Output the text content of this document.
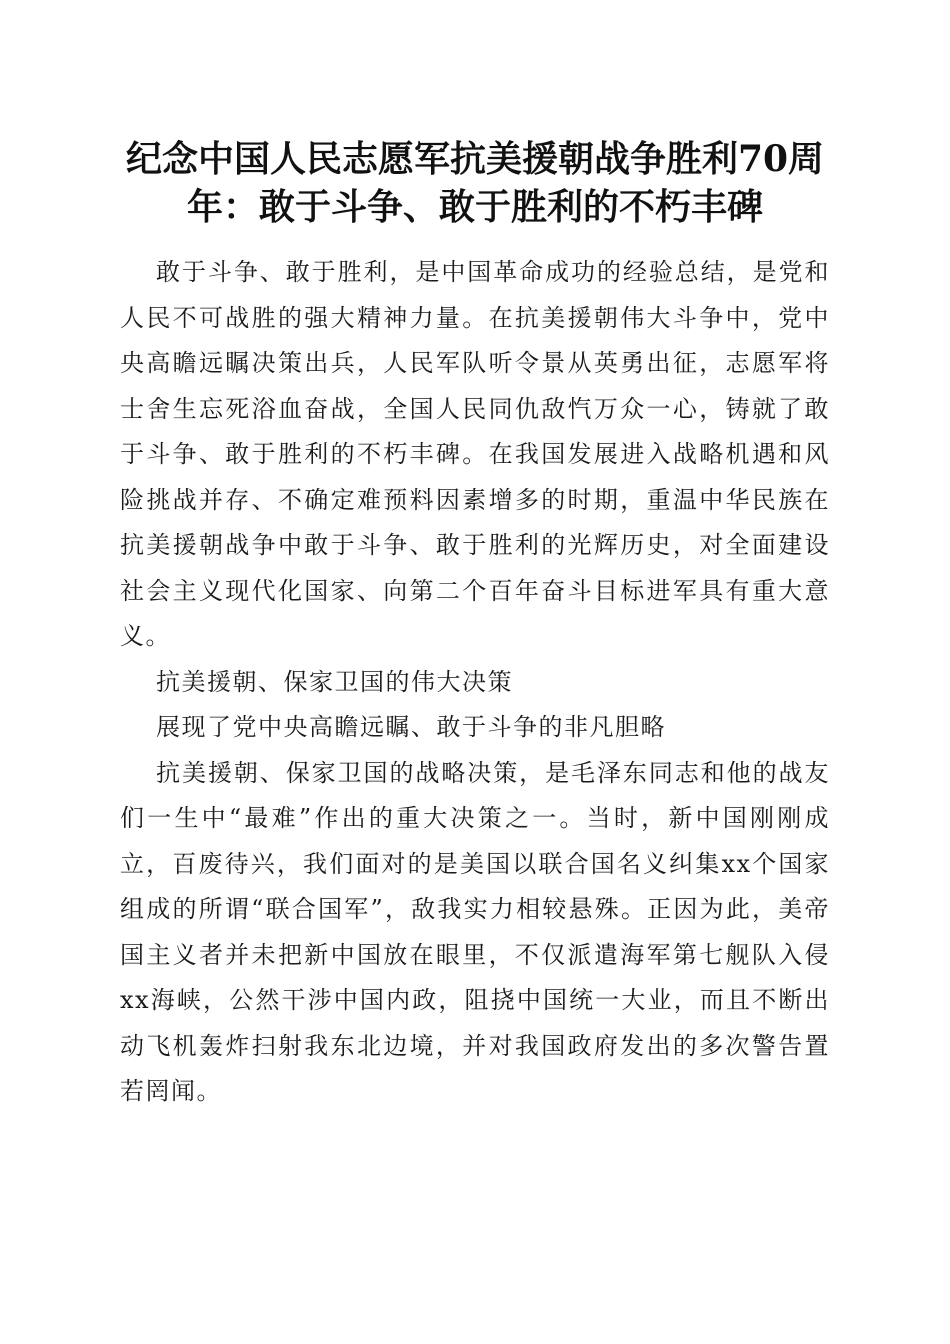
纪念中国人民志愿军抗美援朝战争胜利70周年：敢于斗争、敢于胜利的不朽丰碑

敢于斗争、敢于胜利，是中国革命成功的经验总结，是党和人民不可战胜的强大精神力量。在抗美援朝伟大斗争中，党中央高瞻远瞩决策出兵，人民军队听令景从英勇出征，志愿军将士舍生忘死浴血奋战，全国人民同仇敌忾万众一心，铸就了敢于斗争、敢于胜利的不朽丰碑。在我国发展进入战略机遇和风险挑战并存、不确定难预料因素增多的时期，重温中华民族在抗美援朝战争中敢于斗争、敢于胜利的光辉历史，对全面建设社会主义现代化国家、向第二个百年奋斗目标进军具有重大意义。

抗美援朝、保家卫国的伟大决策

展现了党中央高瞻远瞩、敢于斗争的非凡胆略

抗美援朝、保家卫国的战略决策，是毛泽东同志和他的战友们一生中“最难”作出的重大决策之一。当时，新中国刚刚成立，百废待兴，我们面对的是美国以联合国名义纠集xx个国家组成的所谓“联合国军”，敌我实力相较悬殊。正因为此，美帝国主义者并未把新中国放在眼里，不仅派遣海军第七舰队入侵xx海峡，公然干涉中国内政，阻挠中国统一大业，而且不断出动飞机轰炸扫射我东北边境，并对我国政府发出的多次警告置若罔闻。
